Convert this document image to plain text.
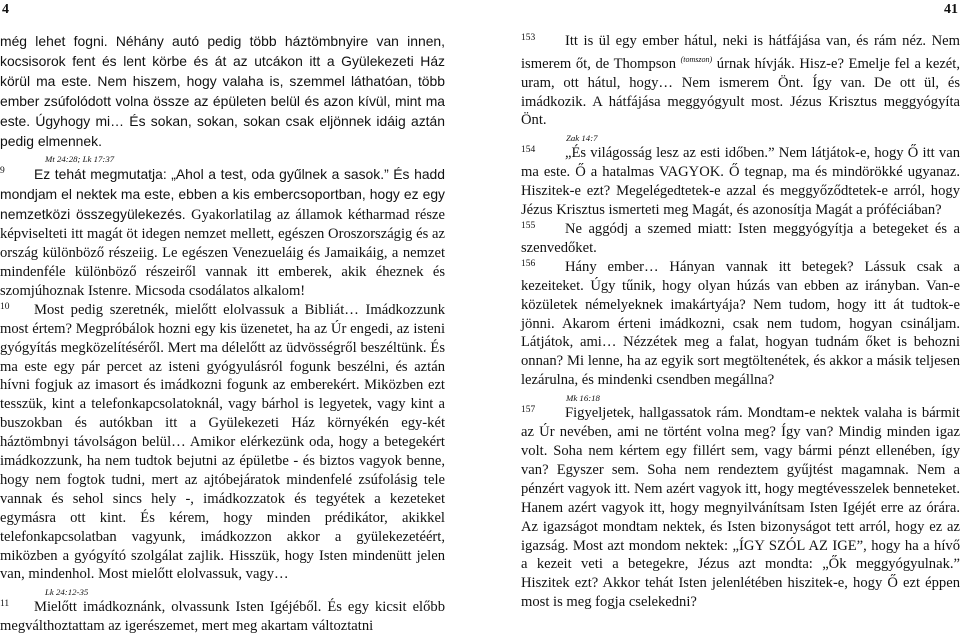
4	41

még lehet fogni. Néhány autó pedig több háztömbnyire van innen, kocsisorok fent és lent körbe és át az utcákon itt a Gyülekezeti Ház körül ma este. Nem hiszem, hogy valaha is, szemmel láthatóan, több ember zsúfolódott volna össze az épületen belül és azon kívül, mint ma este. Úgyhogy mi… És sokan, sokan, sokan csak eljönnek idáig aztán pedig elmennek.

Mt 24:28; Lk 17:37

9 Ez tehát megmutatja: „Ahol a test, oda gyűlnek a sasok.” És hadd mondjam el nektek ma este, ebben a kis embercsoportban, hogy ez egy nemzetközi összegyülekezés. Gyakorlatilag az államok kétharmad része képviselteti itt magát öt idegen nemzet mellett, egészen Oroszországig és az ország különböző részeiig. Le egészen Venezueláig és Jamaikáig, a nemzet mindenféle különböző részeiről vannak itt emberek, akik éheznek és szomjúhoznak Istenre. Micsoda csodálatos alkalom!

10 Most pedig szeretnék, mielőtt elolvassuk a Bibliát… Imádkozzunk most értem? Megpróbálok hozni egy kis üzenetet, ha az Úr engedi, az isteni gyógyítás megközelítéséről. Mert ma délelőtt az üdvösségről beszéltünk. És ma este egy pár percet az isteni gyógyulásról fogunk beszélni, és aztán hívni fogjuk az imasort és imádkozni fogunk az emberekért. Miközben ezt tesszük, kint a telefonkapcsolatoknál, vagy bárhol is legyetek, vagy kint a buszokban és autókban itt a Gyülekezeti Ház környékén egy-két háztömbnyi távolságon belül… Amikor elérkezünk oda, hogy a betegekért imádkozzunk, ha nem tudtok bejutni az épületbe - és biztos vagyok benne, hogy nem fogtok tudni, mert az ajtóbejáratok mindenfelé zsúfolásig tele vannak és sehol sincs hely -, imádkozzatok és tegyétek a kezeteket egymásra ott kint. És kérem, hogy minden prédikátor, akikkel telefonkapcsolatban vagyunk, imádkozzon akkor a gyülekezetéért, miközben a gyógyító szolgálat zajlik. Hisszük, hogy Isten mindenütt jelen van, mindenhol. Most mielőtt elolvassuk, vagy…

Lk 24:12-35

11 Mielőtt imádkoznánk, olvassunk Isten Igéjéből. És egy kicsit előbb megválthoztattam az igerészemet, mert meg akartam változtatni

153 Itt is ül egy ember hátul, neki is hátfájása van, és rám néz. Nem ismerem őt, de Thompson $^{(tomszon)}$ úrnak hívják. Hisz-e? Emelje fel a kezét, uram, ott hátul, hogy… Nem ismerem Önt. Így van. De ott ül, és imádkozik. A hátfájása meggyógyult most. Jézus Krisztus meggyógyíta Önt.

Zak 14:7

154 „És világosság lesz az esti időben.” Nem látjátok-e, hogy Ő itt van ma este. Ő a hatalmas VAGYOK. Ő tegnap, ma és mindörökké ugyanaz. Hiszitek-e ezt? Megelégedtetek-e azzal és meggyőződtetek-e arról, hogy Jézus Krisztus ismerteti meg Magát, és azonosítja Magát a próféciában?

155 Ne aggódj a szemed miatt: Isten meggyógyítja a betegeket és a szenvedőket.

156 Hány ember… Hányan vannak itt betegek? Lássuk csak a kezeiteket. Úgy tűnik, hogy olyan húzás van ebben az irányban. Van-e közületek némelyeknek imakártyája? Nem tudom, hogy itt át tudtok-e jönni. Akarom érteni imádkozni, csak nem tudom, hogyan csináljam. Látjátok, ami… Nézzétek meg a falat, hogyan tudnám őket is behozni onnan? Mi lenne, ha az egyik sort megtöltenétek, és akkor a másik teljesen lezárulna, és mindenki csendben megállna?

Mk 16:18

157 Figyeljetek, hallgassatok rám. Mondtam-e nektek valaha is bármit az Úr nevében, ami ne történt volna meg? Így van? Mindig minden igaz volt. Soha nem kértem egy fillért sem, vagy bármi pénzt ellenében, így van? Egyszer sem. Soha nem rendeztem gyűjtést magamnak. Nem a pénzért vagyok itt. Nem azért vagyok itt, hogy megtévesszelek benneteket. Hanem azért vagyok itt, hogy megnyilvánítsam Isten Igéjét erre az órára. Az igazságot mondtam nektek, és Isten bizonyságot tett arról, hogy ez az igazság. Most azt mondom nektek: „ÍGY SZÓL AZ IGE”, hogy ha a hívő a kezeit veti a betegekre, Jézus azt mondta: „Ők meggyógyulnak.” Hiszitek ezt? Akkor tehát Isten jelenlétében hiszitek-e, hogy Ő ezt éppen most is meg fogja cselekedni?
